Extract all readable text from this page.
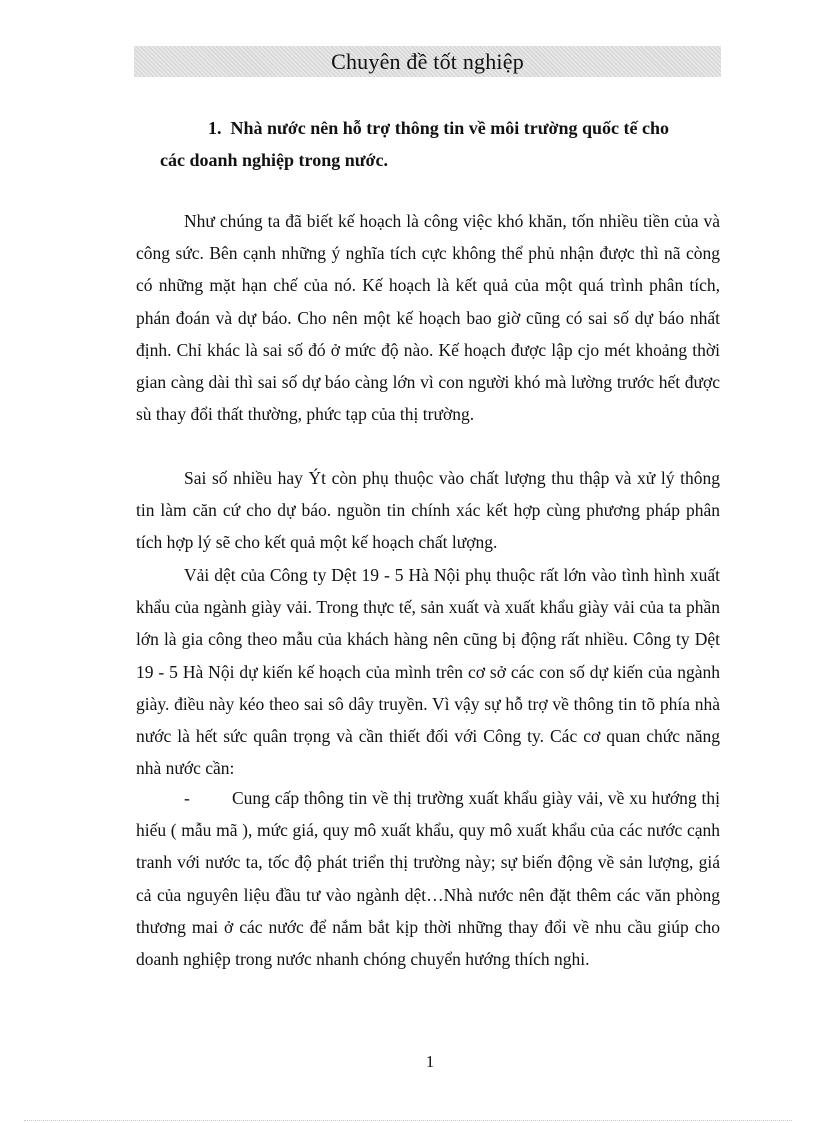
Chuyên đề tốt nghiệp
1. Nhà nước nên hỗ trợ thông tin về môi trường quốc tế cho
các doanh nghiệp trong nước.
Như chúng ta đã biết kế hoạch là công việc khó khăn, tốn nhiều tiền của và công sức. Bên cạnh những ý nghĩa tích cực không thể phủ nhận được thì nã còng có những mặt hạn chế của nó. Kế hoạch là kết quả của một quá trình phân tích, phán đoán và dự báo. Cho nên một kế hoạch bao giờ cũng có sai số dự báo nhất định. Chỉ khác là sai số đó ở mức độ nào. Kế hoạch được lập cjo mét khoảng thời gian càng dài thì sai số dự báo càng lớn vì con người khó mà lường trước hết được sù thay đổi thất thường, phức tạp của thị trường.
Sai số nhiều hay Ýt còn phụ thuộc vào chất lượng thu thập và xử lý thông tin làm căn cứ cho dự báo. nguồn tin chính xác kết hợp cùng phương pháp phân tích hợp lý sẽ cho kết quả một kế hoạch chất lượng.
Vải dệt của Công ty Dệt 19 - 5 Hà Nội phụ thuộc rất lớn vào tình hình xuất khẩu của ngành giày vải. Trong thực tế, sản xuất và xuất khẩu giày vải của ta phần lớn là gia công theo mẫu của khách hàng nên cũng bị động rất nhiều. Công ty Dệt 19 - 5 Hà Nội dự kiến kế hoạch của mình trên cơ sở các con số dự kiến của ngành giày. điều này kéo theo sai sô dây truyền. Vì vậy sự hỗ trợ về thông tin tõ phía nhà nước là hết sức quân trọng và cần thiết đối với Công ty. Các cơ quan chức năng nhà nước cần:
- Cung cấp thông tin về thị trường xuất khẩu giày vải, về xu hướng thị hiếu ( mẫu mã ), mức giá, quy mô xuất khẩu, quy mô xuất khẩu của các nước cạnh tranh với nước ta, tốc độ phát triển thị trường này; sự biến động về sản lượng, giá cả của nguyên liệu đầu tư vào ngành dệt…Nhà nước nên đặt thêm các văn phòng thương mai ở các nước để nắm bắt kịp thời những thay đổi về nhu cầu giúp cho doanh nghiệp trong nước nhanh chóng chuyển hướng thích nghi.
1
